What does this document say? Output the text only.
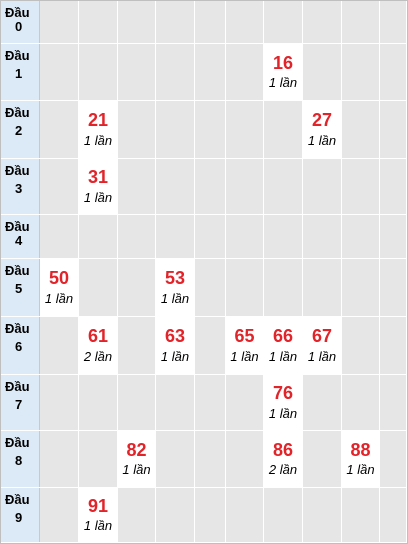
Đầu
0
Đầu
1
16
1 lần
Đầu
2
21
1 lần
27
1 lần
Đầu
3
31
1 lần
Đầu
4
Đầu
5
50
1 lần
53
1 lần
Đầu
6
61
2 lần
63
1 lần
65
1 lần
66
1 lần
67
1 lần
Đầu
7
76
1 lần
Đầu
8
82
1 lần
86
2 lần
88
1 lần
Đầu
9
91
1 lần
